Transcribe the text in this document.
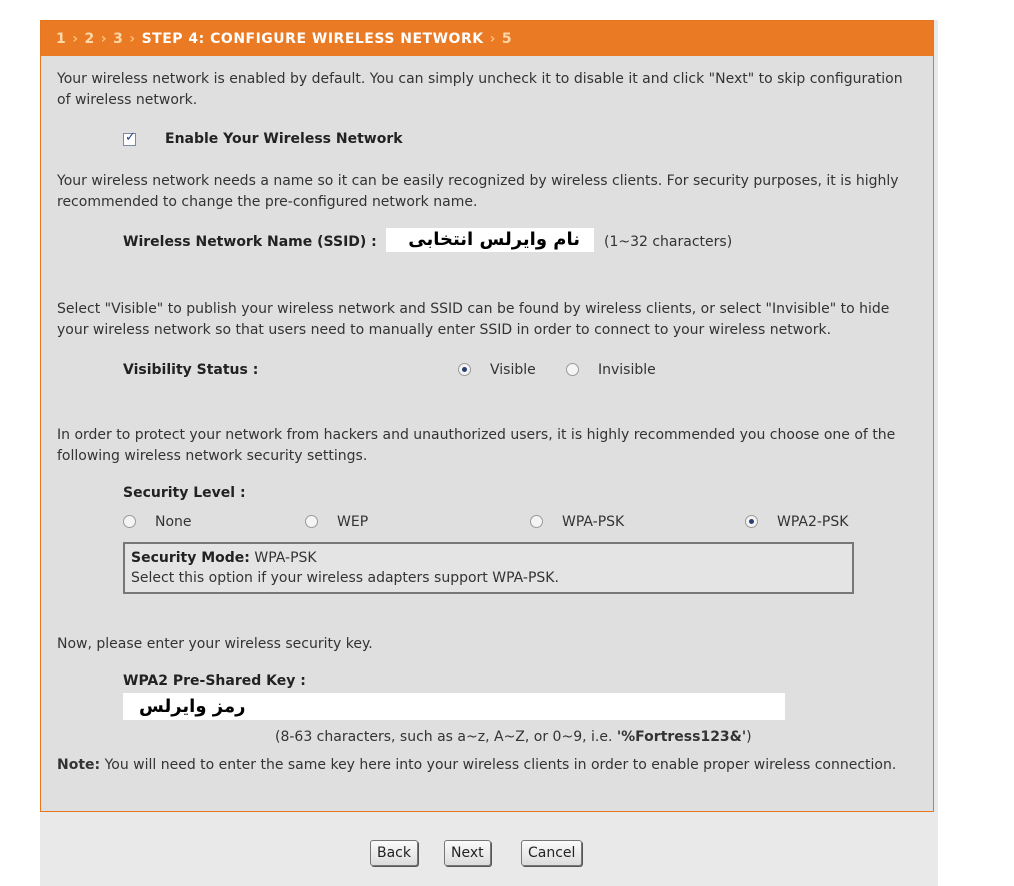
1 › 2 › 3 › STEP 4: CONFIGURE WIRELESS NETWORK › 5
Your wireless network is enabled by default. You can simply uncheck it to disable it and click "Next" to skip configuration of wireless network.
✓ Enable Your Wireless Network
Your wireless network needs a name so it can be easily recognized by wireless clients. For security purposes, it is highly recommended to change the pre-configured network name.
Wireless Network Name (SSID) :	نام وایرلس انتخابی	(1~32 characters)
Select "Visible" to publish your wireless network and SSID can be found by wireless clients, or select "Invisible" to hide your wireless network so that users need to manually enter SSID in order to connect to your wireless network.
Visibility Status :	Visible	Invisible
In order to protect your network from hackers and unauthorized users, it is highly recommended you choose one of the following wireless network security settings.
Security Level :
None	WEP	WPA-PSK	WPA2-PSK
Security Mode: WPA-PSK
Select this option if your wireless adapters support WPA-PSK.
Now, please enter your wireless security key.
WPA2 Pre-Shared Key :
رمز وایرلس
(8-63 characters, such as a~z, A~Z, or 0~9, i.e. '%Fortress123&')
Note: You will need to enter the same key here into your wireless clients in order to enable proper wireless connection.
Back	Next	Cancel
